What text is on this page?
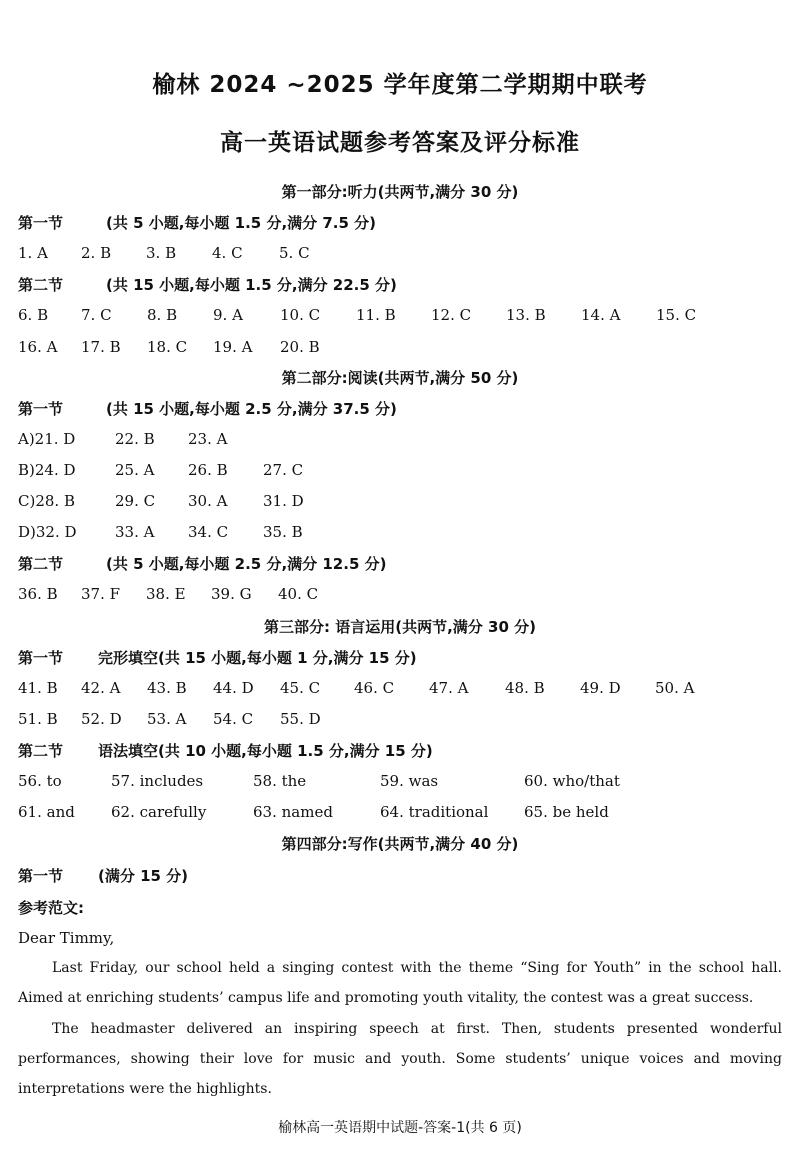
榆林 2024 ~2025 学年度第二学期期中联考
高一英语试题参考答案及评分标准
第一部分:听力(共两节,满分 30 分)
第一节	(共 5 小题,每小题 1.5 分,满分 7.5 分)
1. A 2. B 3. B 4. C 5. C
第二节	(共 15 小题,每小题 1.5 分,满分 22.5 分)
6. B 7. C 8. B 9. A 10. C 11. B 12. C 13. B 14. A 15. C
16. A 17. B 18. C 19. A 20. B
第二部分:阅读(共两节,满分 50 分)
第一节	(共 15 小题,每小题 2.5 分,满分 37.5 分)
A)21. D	22. B 23. A
B)24. D	25. A 26. B 27. C
C)28. B	29. C 30. A 31. D
D)32. D	33. A 34. C 35. B
第二节	(共 5 小题,每小题 2.5 分,满分 12.5 分)
36. B 37. F 38. E 39. G 40. C
第三部分: 语言运用(共两节,满分 30 分)
第一节 完形填空(共 15 小题,每小题 1 分,满分 15 分)
41. B 42. A 43. B 44. D 45. C 46. C 47. A 48. B 49. D 50. A
51. B 52. D 53. A 54. C 55. D
第二节 语法填空(共 10 小题,每小题 1.5 分,满分 15 分)
56. to	57. includes	58. the	59. was	60. who/that
61. and 62. carefully	63. named	64. traditional 65. be held
第四部分:写作(共两节,满分 40 分)
第一节 (满分 15 分)
参考范文:
Dear Timmy,
Last Friday, our school held a singing contest with the theme “Sing for Youth” in the school hall. Aimed at enriching students’ campus life and promoting youth vitality, the contest was a great success.
The headmaster delivered an inspiring speech at first. Then, students presented wonderful performances, showing their love for music and youth. Some students’ unique voices and moving interpretations were the highlights.
榆林高一英语期中试题-答案-1(共 6 页)
